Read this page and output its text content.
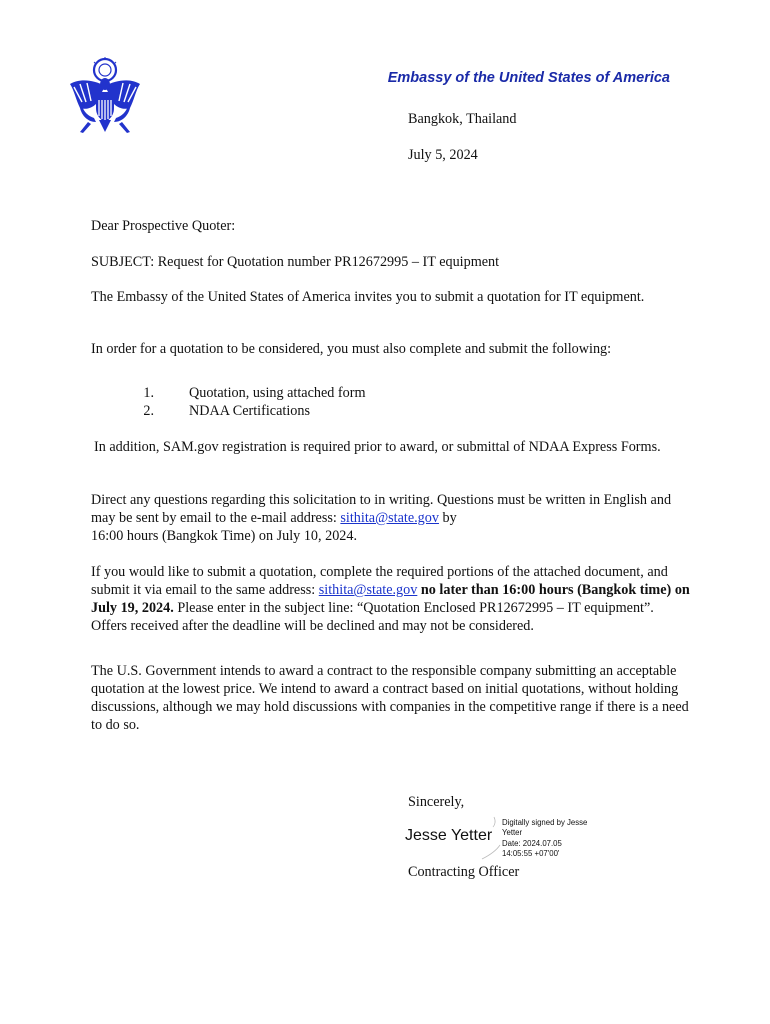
Embassy of the United States of America
Bangkok, Thailand
July 5, 2024
Dear Prospective Quoter:
SUBJECT: Request for Quotation number PR12672995 – IT equipment
The Embassy of the United States of America invites you to submit a quotation for IT equipment.
In order for a quotation to be considered, you must also complete and submit the following:
1.	Quotation, using attached form
2.	NDAA Certifications
In addition, SAM.gov registration is required prior to award, or submittal of NDAA Express Forms.
Direct any questions regarding this solicitation to in writing. Questions must be written in English and may be sent by email to the e-mail address: sithita@state.gov by
16:00 hours (Bangkok Time) on July 10, 2024.
If you would like to submit a quotation, complete the required portions of the attached document, and submit it via email to the same address: sithita@state.gov no later than 16:00 hours (Bangkok time) on July 19, 2024. Please enter in the subject line: “Quotation Enclosed PR12672995 – IT equipment”. Offers received after the deadline will be declined and may not be considered.
The U.S. Government intends to award a contract to the responsible company submitting an acceptable quotation at the lowest price. We intend to award a contract based on initial quotations, without holding discussions, although we may hold discussions with companies in the competitive range if there is a need to do so.
Sincerely,
Jesse Yetter
Digitally signed by Jesse
Yetter
Date: 2024.07.05
14:05:55 +07'00'
Contracting Officer
